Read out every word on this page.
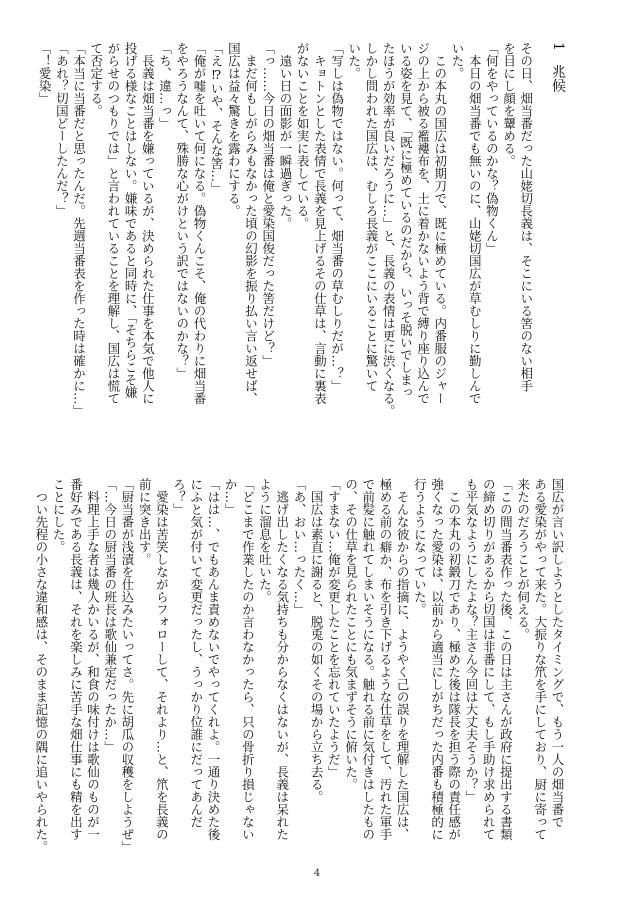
1　兆候

その日、畑当番だった山姥切長義は、そこにいる筈のない相手

を目にし顔を顰める。

「何をやっているのかな？偽物くん」

　本日の畑当番でも無いのに、山姥切国広が草むしりに勤しんで

いた。

　この本丸の国広は初期刀で、既に極めている。内番服のジャー

ジの上から被る襤褸布を、土に着かないよう背で縛り座り込んで

いる姿を見て、「既に極めているのだから、いっそ脱いでしまっ

たほうが効率が良いだろうに…」と、長義の表情は更に渋くなる。

しかし問われた国広は、むしろ長義がここにいることに驚いて

いた。

「写しは偽物ではない。何って、畑当番の草むしりだが…？」

　キョトンとした表情で長義を見上げるその仕草は、言動に裏表

がないことを如実に表している。

　遠い日の面影が一瞬過ぎった。

「っ……今日の畑当番は俺と愛染国俊だった筈だけど？」

　まだ何もしがらみもなかった頃の幻影を振り払い言い返せば、

国広は益々驚きを露わにする。

「え⁉いや、そんな筈…」

「俺が嘘を吐いて何になる。偽物くんこそ、俺の代わりに畑当番

をやろうなんて、殊勝な心がけという訳ではないのかな？」

「ち、違…っ」

　長義は畑当番を嫌っているが、決められた仕事を本気で他人に

投げる様なことはしない。嫌味であると同時に、「そちらこそ嫌

がらせのつもりでは」と言われていることを理解し、国広は慌て

て否定する。

「本当に当番だと思ったんだ。先週当番表を作った時は確かに…」

「あれ？切国どーしたんだ？」

「！愛染」

国広が言い訳しようとしたタイミングで、もう一人の畑当番で

ある愛染がやって来た。大振りな笊を手にしており、厨に寄って

来たのだろうことが伺える。

「この間当番表作った後、この日は主さんが政府に提出する書類

の締め切りがあるから切国は非番にして、もし手助け求められて

も平気なようにしたよな？主さん今回は大丈夫そうか？」

　この本丸の初鍛刀であり、極めた後は隊長を担う際の責任感が

強くなった愛染は、以前から適当にしがちだった内番も積極的に

行うようになっていた。

　そんな彼からの指摘に、ようやく己の誤りを理解した国広は、

極める前の癖か、布を引き下げるような仕草をして、汚れた軍手

で前髪に触れてしまいそうになる。触れる前に気付きはしたもの

の、その仕草を見られたことにも気まずそうに俯いた。

「すまない…俺が変更したことを忘れていたようだ」

　国広は素直に謝ると、脱兎の如くその場から立ち去る。

「あ、おい…ったく…」

　逃げ出したくなる気持ちも分からなくはないが、長義は呆れた

ように溜息を吐いた。

「どこまで作業したのか言わなかったら、只の骨折り損じゃない

か…」

「はは…、でもあんま責めないでやってくれよ。一通り決めた後

にふと気が付いて変更だったし、うっかり位誰にだってあんだ

ろ？」

　愛染は苦笑しながらフォローして、それより…と、笊を長義の

前に突き出す。

「厨当番が浅漬を仕込みたいってさ。先に胡瓜の収穫をしようぜ」

「…今日の厨当番の班長は歌仙兼定だったか…」

　料理上手な者は幾人かいるが、和食の味付けは歌仙のものが一

番好みである長義は、それを楽しみに苦手な畑仕事にも精を出す

ことにした。

　つい先程の小さな違和感は、そのまま記憶の隅に追いやられた。

4
